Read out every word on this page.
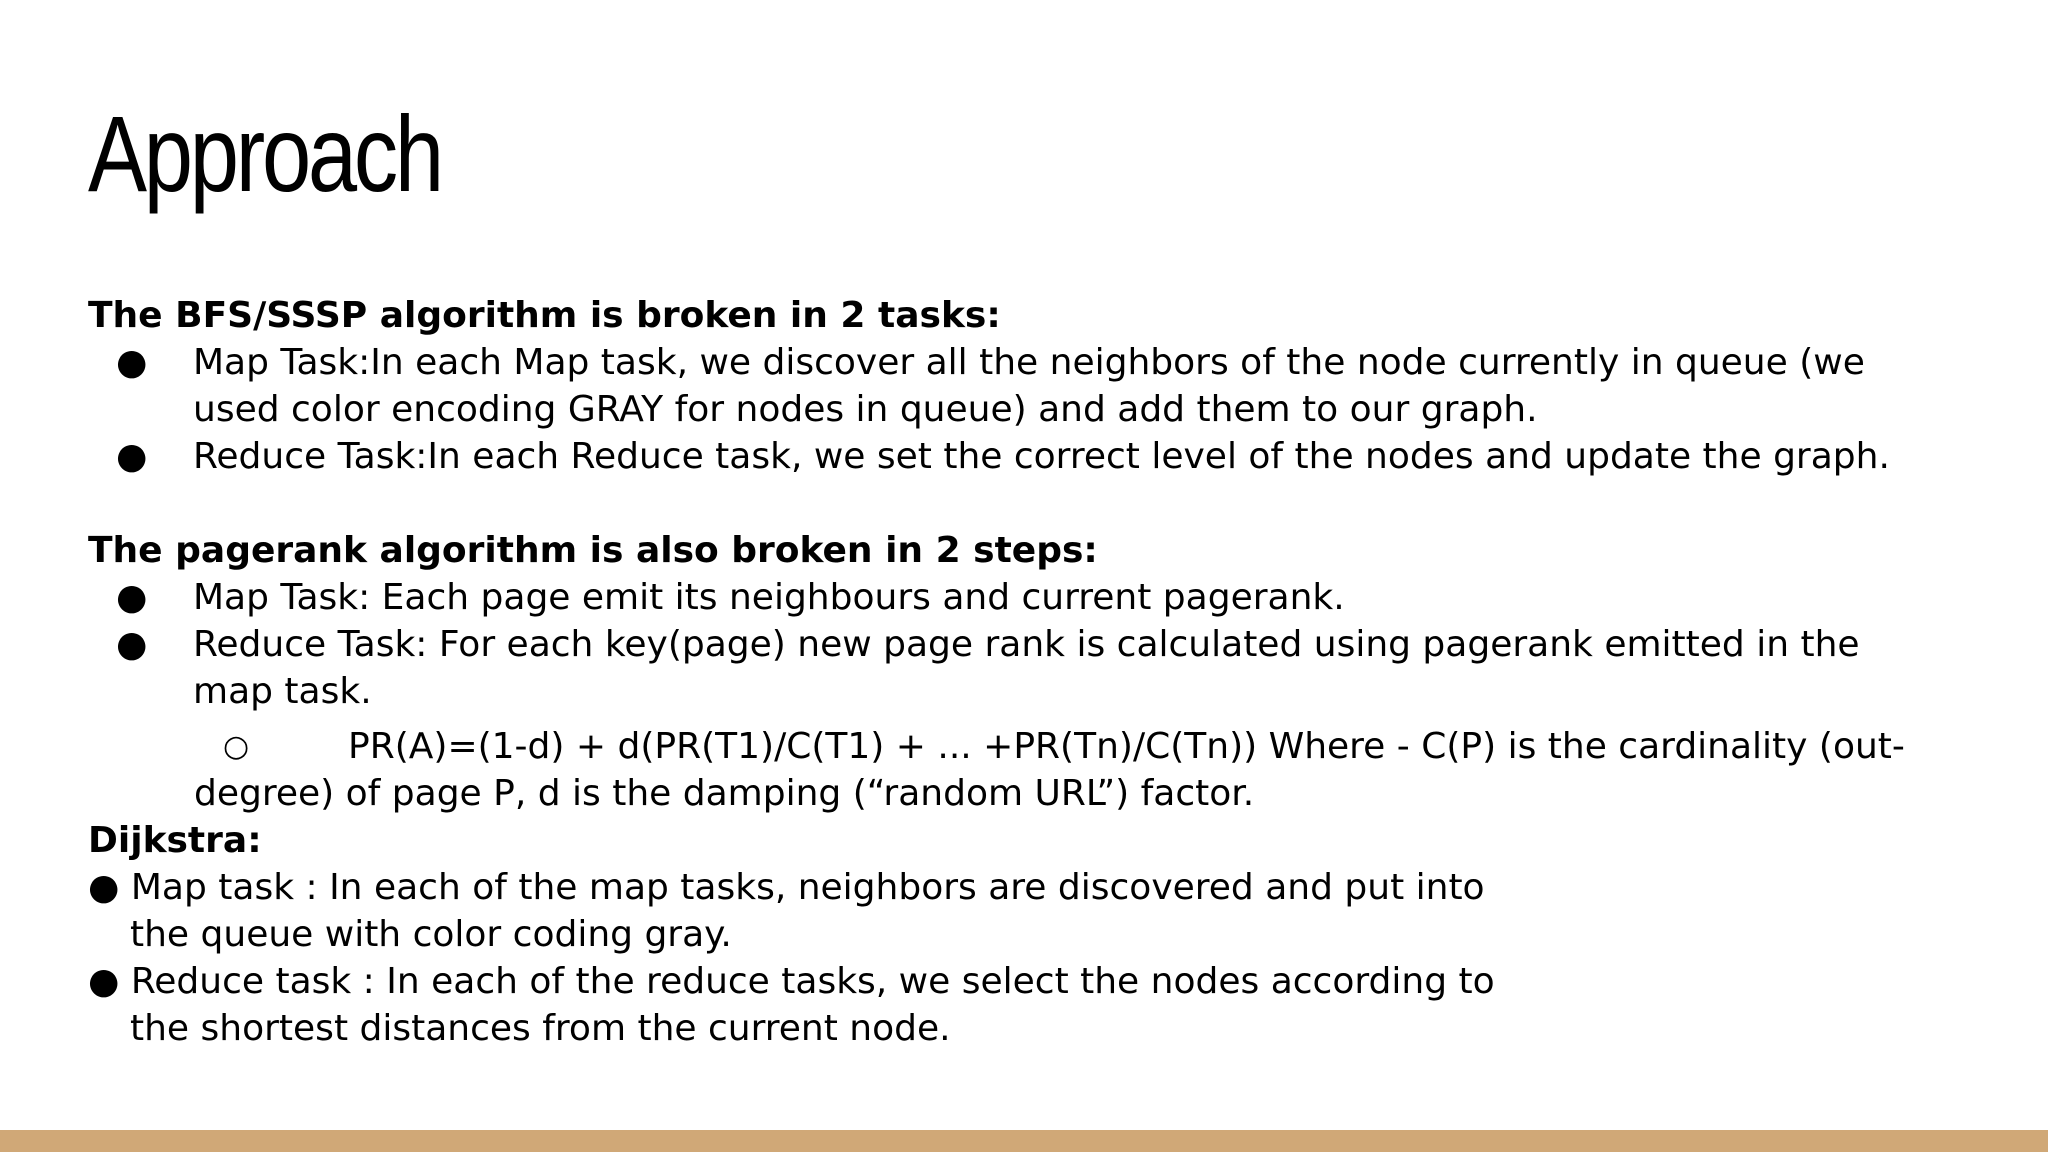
Approach
The BFS/SSSP algorithm is broken in 2 tasks:
● Map Task:In each Map task, we discover all the neighbors of the node currently in queue (we
used color encoding GRAY for nodes in queue) and add them to our graph.
● Reduce Task:In each Reduce task, we set the correct level of the nodes and update the graph.
The pagerank algorithm is also broken in 2 steps:
● Map Task: Each page emit its neighbours and current pagerank.
● Reduce Task: For each key(page) new page rank is calculated using pagerank emitted in the
map task.
○	PR(A)=(1-d) + d(PR(T1)/C(T1) + ... +PR(Tn)/C(Tn)) Where - C(P) is the cardinality (out-
degree) of page P, d is the damping (“random URL”) factor.
Dijkstra:
● Map task : In each of the map tasks, neighbors are discovered and put into
the queue with color coding gray.
● Reduce task : In each of the reduce tasks, we select the nodes according to
the shortest distances from the current node.
